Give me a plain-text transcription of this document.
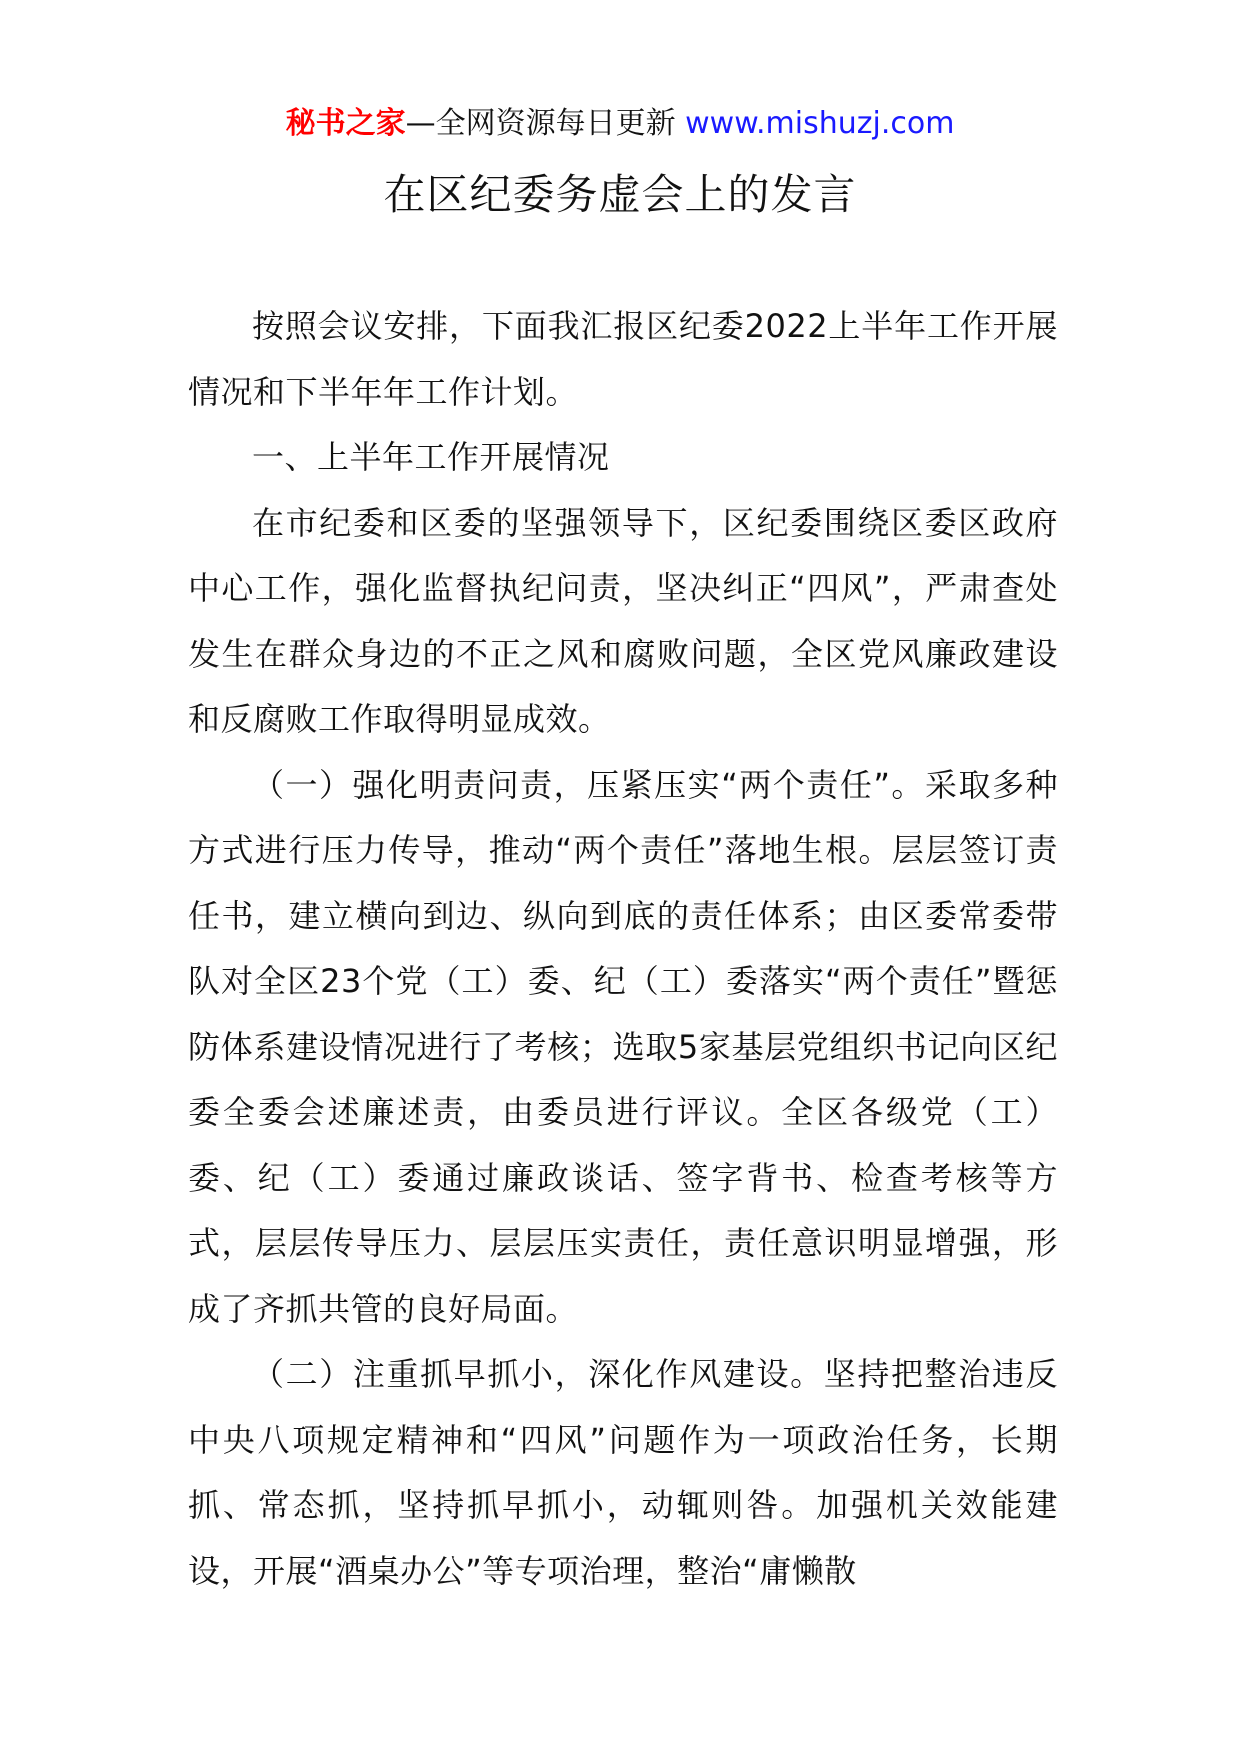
秘书之家—全网资源每日更新 www.mishuzj.com
在区纪委务虚会上的发言

按照会议安排，下面我汇报区纪委2022上半年工作开展情况和下半年年工作计划。

一、上半年工作开展情况

在市纪委和区委的坚强领导下，区纪委围绕区委区政府中心工作，强化监督执纪问责，坚决纠正“四风”，严肃查处发生在群众身边的不正之风和腐败问题，全区党风廉政建设和反腐败工作取得明显成效。

（一）强化明责问责，压紧压实“两个责任”。采取多种方式进行压力传导，推动“两个责任”落地生根。层层签订责任书，建立横向到边、纵向到底的责任体系；由区委常委带队对全区23个党（工）委、纪（工）委落实“两个责任”暨惩防体系建设情况进行了考核；选取5家基层党组织书记向区纪委全委会述廉述责，由委员进行评议。全区各级党（工）委、纪（工）委通过廉政谈话、签字背书、检查考核等方式，层层传导压力、层层压实责任，责任意识明显增强，形成了齐抓共管的良好局面。

（二）注重抓早抓小，深化作风建设。坚持把整治违反中央八项规定精神和“四风”问题作为一项政治任务，长期抓、常态抓，坚持抓早抓小，动辄则咎。加强机关效能建设，开展“酒桌办公”等专项治理，整治“庸懒散
